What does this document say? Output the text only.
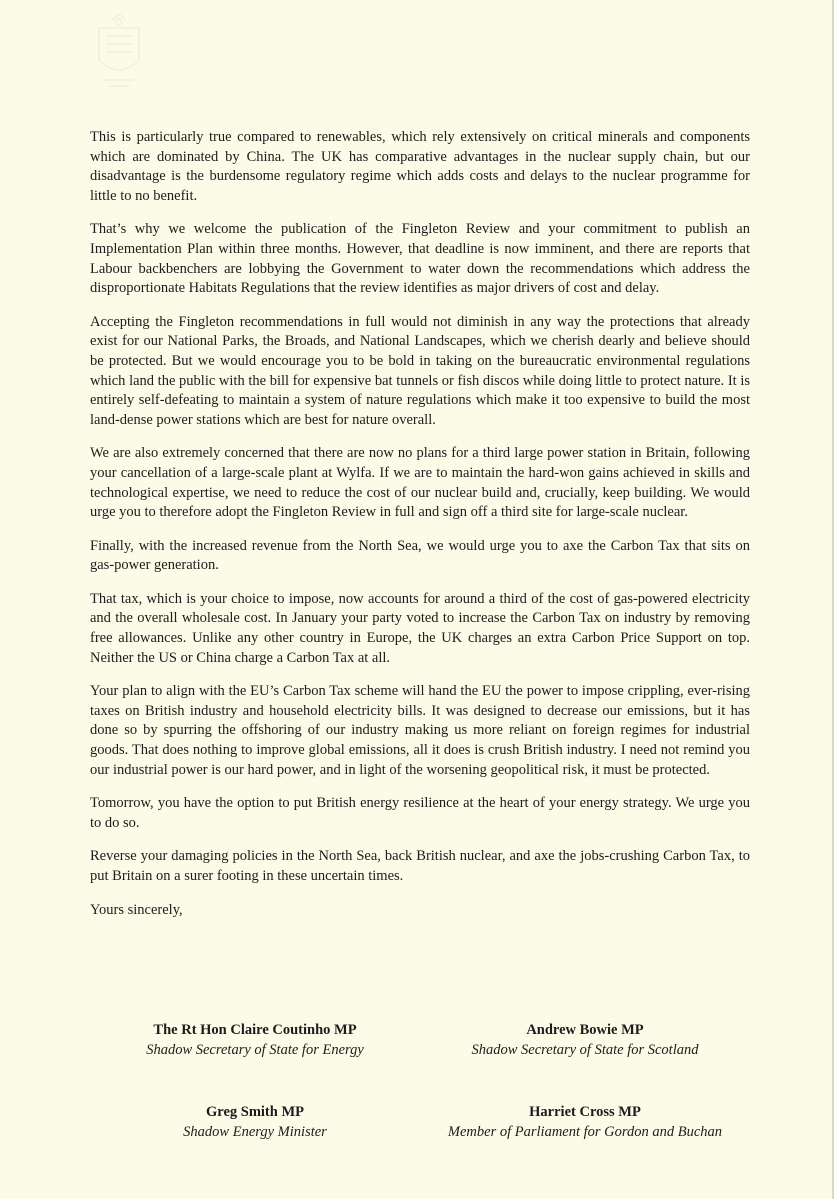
This is particularly true compared to renewables, which rely extensively on critical minerals and components which are dominated by China. The UK has comparative advantages in the nuclear supply chain, but our disadvantage is the burdensome regulatory regime which adds costs and delays to the nuclear programme for little to no benefit.

That’s why we welcome the publication of the Fingleton Review and your commitment to publish an Implementation Plan within three months. However, that deadline is now imminent, and there are reports that Labour backbenchers are lobbying the Government to water down the recommendations which address the disproportionate Habitats Regulations that the review identifies as major drivers of cost and delay.

Accepting the Fingleton recommendations in full would not diminish in any way the protections that already exist for our National Parks, the Broads, and National Landscapes, which we cherish dearly and believe should be protected. But we would encourage you to be bold in taking on the bureaucratic environmental regulations which land the public with the bill for expensive bat tunnels or fish discos while doing little to protect nature. It is entirely self-defeating to maintain a system of nature regulations which make it too expensive to build the most land-dense power stations which are best for nature overall.

We are also extremely concerned that there are now no plans for a third large power station in Britain, following your cancellation of a large-scale plant at Wylfa. If we are to maintain the hard-won gains achieved in skills and technological expertise, we need to reduce the cost of our nuclear build and, crucially, keep building. We would urge you to therefore adopt the Fingleton Review in full and sign off a third site for large-scale nuclear.

Finally, with the increased revenue from the North Sea, we would urge you to axe the Carbon Tax that sits on gas-power generation.

That tax, which is your choice to impose, now accounts for around a third of the cost of gas-powered electricity and the overall wholesale cost. In January your party voted to increase the Carbon Tax on industry by removing free allowances. Unlike any other country in Europe, the UK charges an extra Carbon Price Support on top. Neither the US or China charge a Carbon Tax at all.

Your plan to align with the EU’s Carbon Tax scheme will hand the EU the power to impose crippling, ever-rising taxes on British industry and household electricity bills. It was designed to decrease our emissions, but it has done so by spurring the offshoring of our industry making us more reliant on foreign regimes for industrial goods. That does nothing to improve global emissions, all it does is crush British industry. I need not remind you our industrial power is our hard power, and in light of the worsening geopolitical risk, it must be protected.

Tomorrow, you have the option to put British energy resilience at the heart of your energy strategy. We urge you to do so.

Reverse your damaging policies in the North Sea, back British nuclear, and axe the jobs-crushing Carbon Tax, to put Britain on a surer footing in these uncertain times.

Yours sincerely,

The Rt Hon Claire Coutinho MP
Shadow Secretary of State for Energy
Andrew Bowie MP
Shadow Secretary of State for Scotland
Greg Smith MP
Shadow Energy Minister
Harriet Cross MP
Member of Parliament for Gordon and Buchan
